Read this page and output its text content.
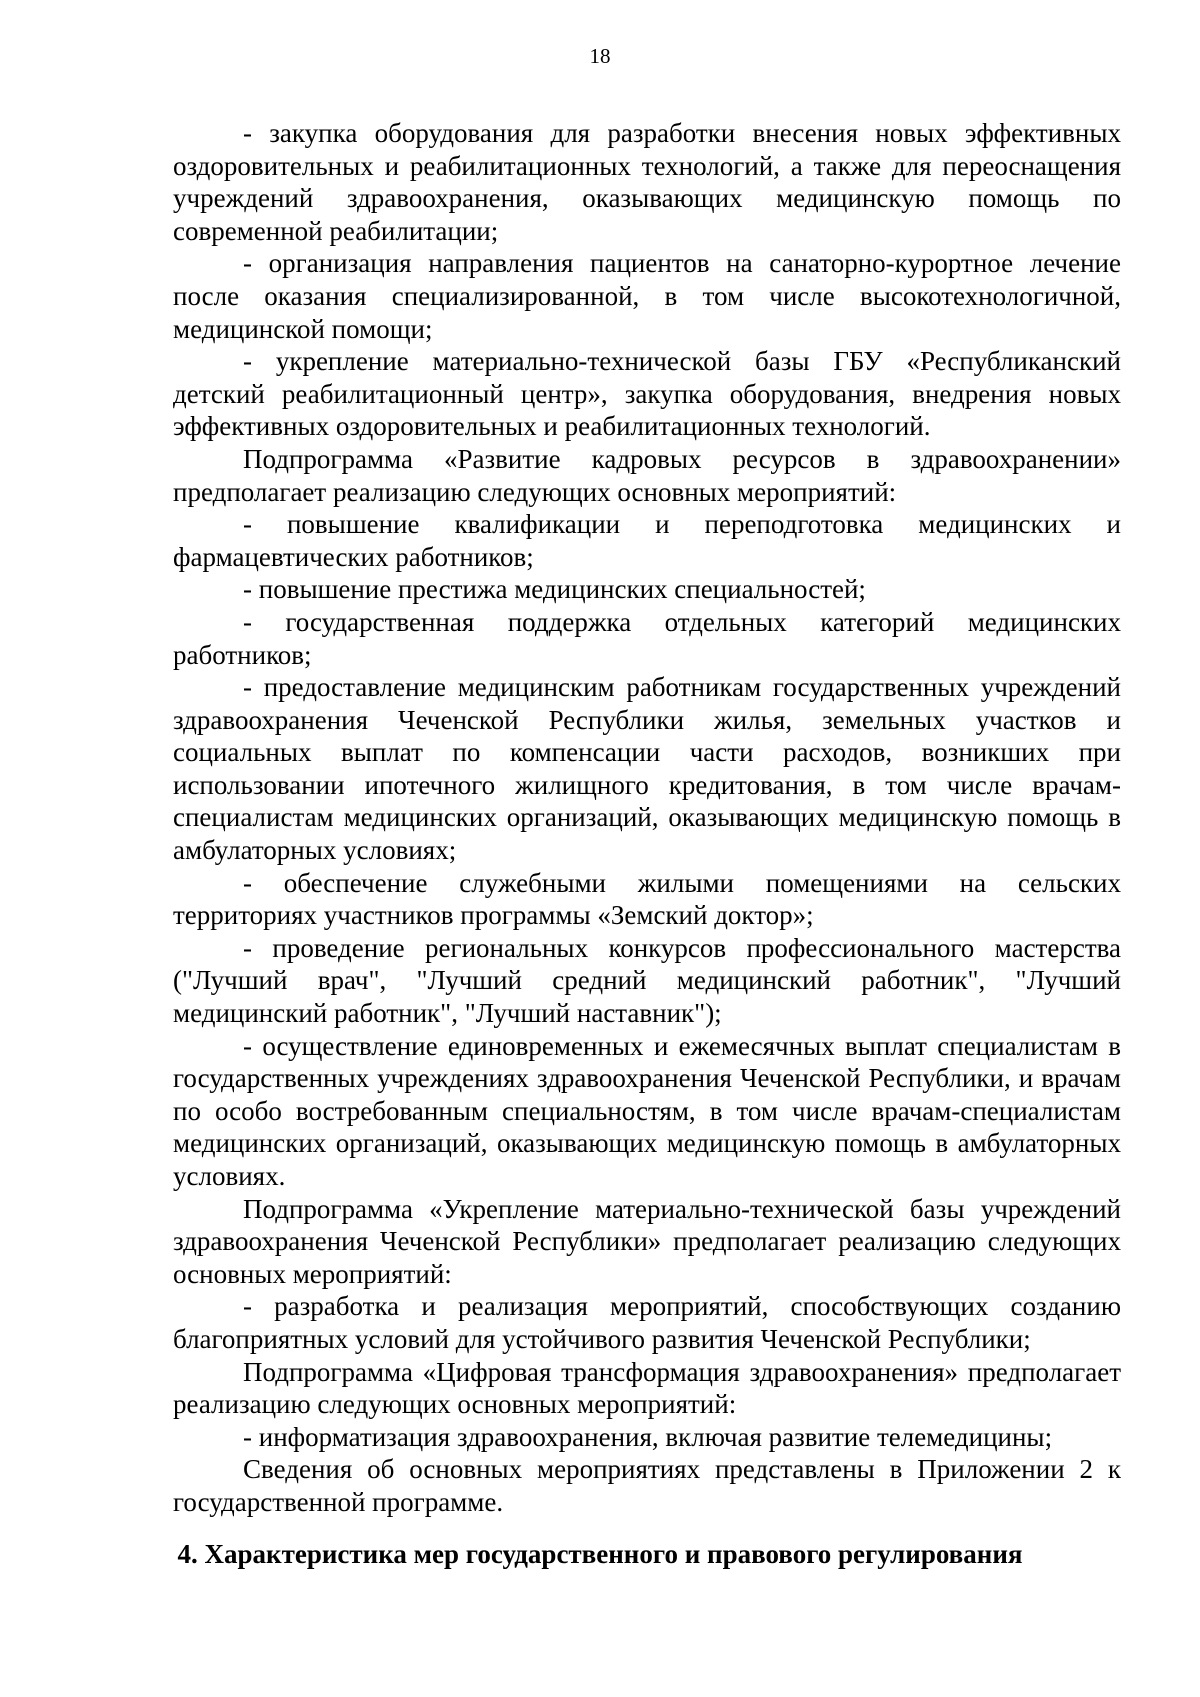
18

- закупка оборудования для разработки внесения новых эффективных оздоровительных и реабилитационных технологий, а также для переоснащения учреждений здравоохранения, оказывающих медицинскую помощь по современной реабилитации;

- организация направления пациентов на санаторно-курортное лечение после оказания специализированной, в том числе высокотехнологичной, медицинской помощи;

- укрепление материально-технической базы ГБУ «Республиканский детский реабилитационный центр», закупка оборудования, внедрения новых эффективных оздоровительных и реабилитационных технологий.

Подпрограмма «Развитие кадровых ресурсов в здравоохранении» предполагает реализацию следующих основных мероприятий:

- повышение квалификации и переподготовка медицинских и фармацевтических работников;

- повышение престижа медицинских специальностей;

- государственная поддержка отдельных категорий медицинских работников;

- предоставление медицинским работникам государственных учреждений здравоохранения Чеченской Республики жилья, земельных участков и социальных выплат по компенсации части расходов, возникших при использовании ипотечного жилищного кредитования, в том числе врачам-специалистам медицинских организаций, оказывающих медицинскую помощь в амбулаторных условиях;

- обеспечение служебными жилыми помещениями на сельских территориях участников программы «Земский доктор»;

- проведение региональных конкурсов профессионального мастерства ("Лучший врач", "Лучший средний медицинский работник", "Лучший медицинский работник", "Лучший наставник");

- осуществление единовременных и ежемесячных выплат специалистам в государственных учреждениях здравоохранения Чеченской Республики, и врачам по особо востребованным специальностям, в том числе врачам-специалистам медицинских организаций, оказывающих медицинскую помощь в амбулаторных условиях.

Подпрограмма «Укрепление материально-технической базы учреждений здравоохранения Чеченской Республики» предполагает реализацию следующих основных мероприятий:

- разработка и реализация мероприятий, способствующих созданию благоприятных условий для устойчивого развития Чеченской Республики;

Подпрограмма «Цифровая трансформация здравоохранения» предполагает реализацию следующих основных мероприятий:

- информатизация здравоохранения, включая развитие телемедицины;

Сведения об основных мероприятиях представлены в Приложении 2 к государственной программе.

4. Характеристика мер государственного и правового регулирования
